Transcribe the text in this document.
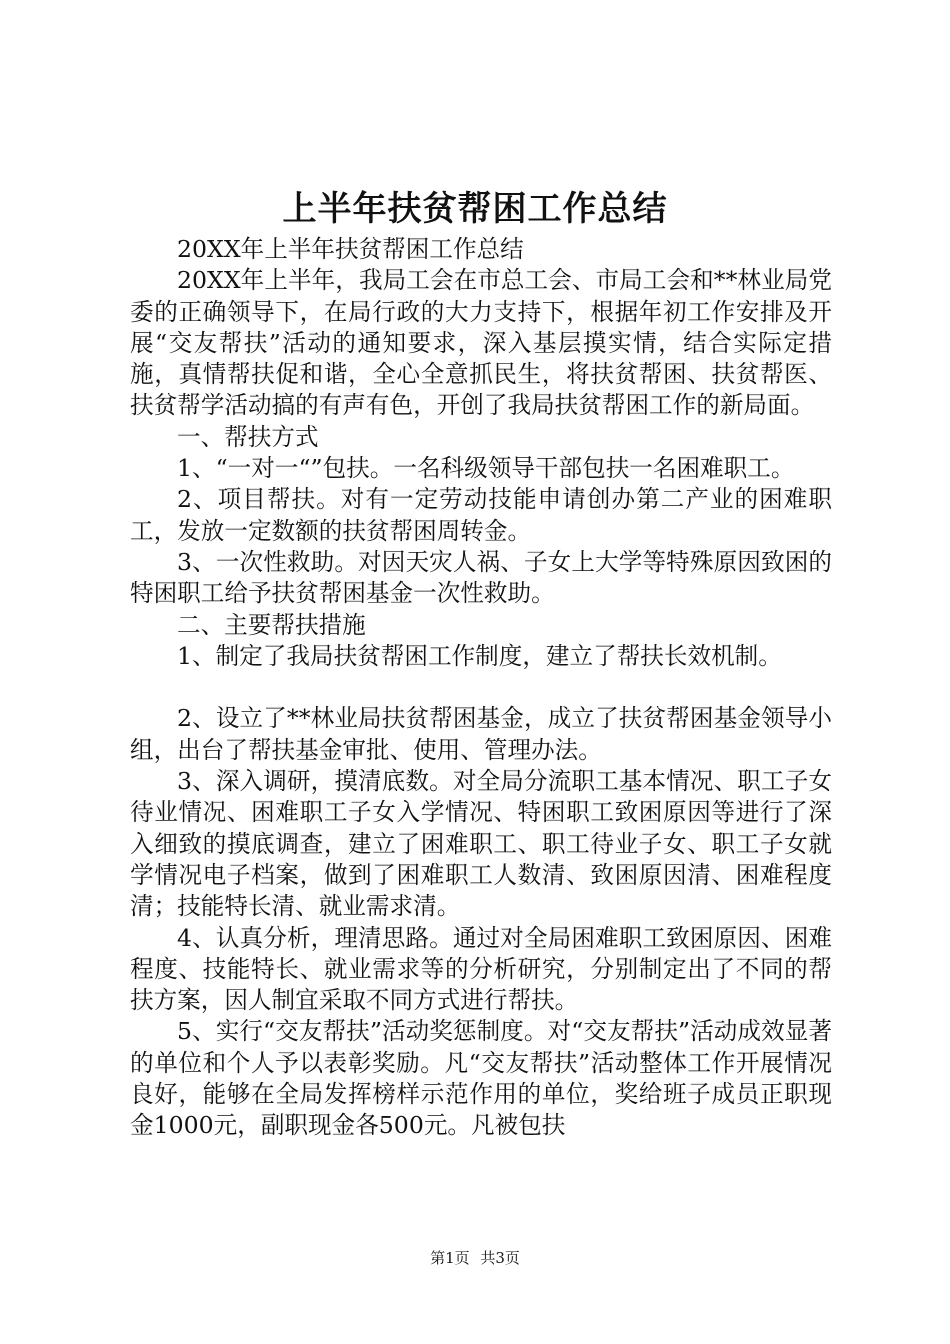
上半年扶贫帮困工作总结

20XX年上半年扶贫帮困工作总结

20XX年上半年，我局工会在市总工会、市局工会和**林业局党委的正确领导下，在局行政的大力支持下，根据年初工作安排及开展“交友帮扶”活动的通知要求，深入基层摸实情，结合实际定措施，真情帮扶促和谐，全心全意抓民生，将扶贫帮困、扶贫帮医、扶贫帮学活动搞的有声有色，开创了我局扶贫帮困工作的新局面。

一、帮扶方式

1、“一对一“”包扶。一名科级领导干部包扶一名困难职工。

2、项目帮扶。对有一定劳动技能申请创办第二产业的困难职工，发放一定数额的扶贫帮困周转金。

3、一次性救助。对因天灾人祸、子女上大学等特殊原因致困的特困职工给予扶贫帮困基金一次性救助。

二、主要帮扶措施

1、制定了我局扶贫帮困工作制度，建立了帮扶长效机制。

2、设立了**林业局扶贫帮困基金，成立了扶贫帮困基金领导小组，出台了帮扶基金审批、使用、管理办法。

3、深入调研，摸清底数。对全局分流职工基本情况、职工子女待业情况、困难职工子女入学情况、特困职工致困原因等进行了深入细致的摸底调查，建立了困难职工、职工待业子女、职工子女就学情况电子档案，做到了困难职工人数清、致困原因清、困难程度清；技能特长清、就业需求清。

4、认真分析，理清思路。通过对全局困难职工致困原因、困难程度、技能特长、就业需求等的分析研究，分别制定出了不同的帮扶方案，因人制宜采取不同方式进行帮扶。

5、实行“交友帮扶”活动奖惩制度。对“交友帮扶”活动成效显著的单位和个人予以表彰奖励。凡“交友帮扶”活动整体工作开展情况良好，能够在全局发挥榜样示范作用的单位，奖给班子成员正职现金1000元，副职现金各500元。凡被包扶

第1页 共3页
